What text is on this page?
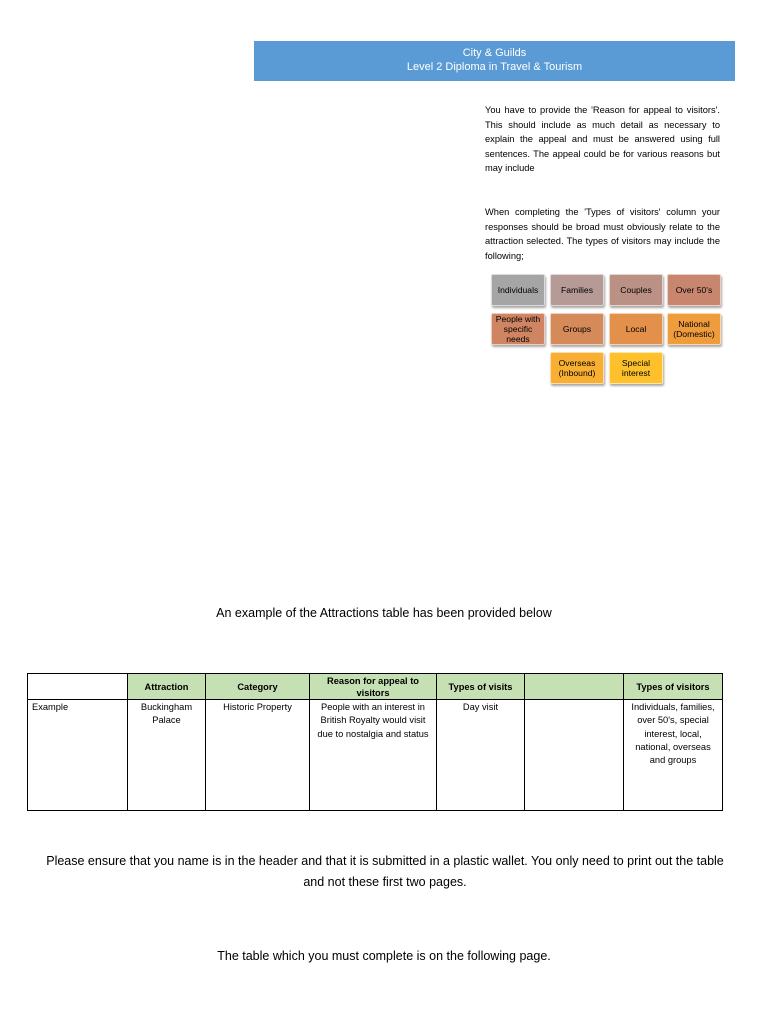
City & Guilds
Level 2 Diploma in Travel & Tourism
You have to provide the 'Reason for appeal to visitors'. This should include as much detail as necessary to explain the appeal and must be answered using full sentences. The appeal could be for various reasons but may include
When completing the 'Types of visitors' column your responses should be broad must obviously relate to the attraction selected. The types of visitors may include the following;
Individuals	Families	Couples	Over 50's
People with specific needs
Groups	Local
National (Domestic)
Overseas (Inbound)
Special interest
An example of the Attractions table has been provided below
	Attraction	Category	Reason for appeal to visitors	Types of visits		Types of visitors
Example	Buckingham Palace	Historic Property	People with an interest in British Royalty would visit due to nostalgia and status	Day visit		Individuals, families, over 50's, special interest, local, national, overseas and groups
Please ensure that you name is in the header and that it is submitted in a plastic wallet. You only need to print out the table and not these first two pages.
The table which you must complete is on the following page.
